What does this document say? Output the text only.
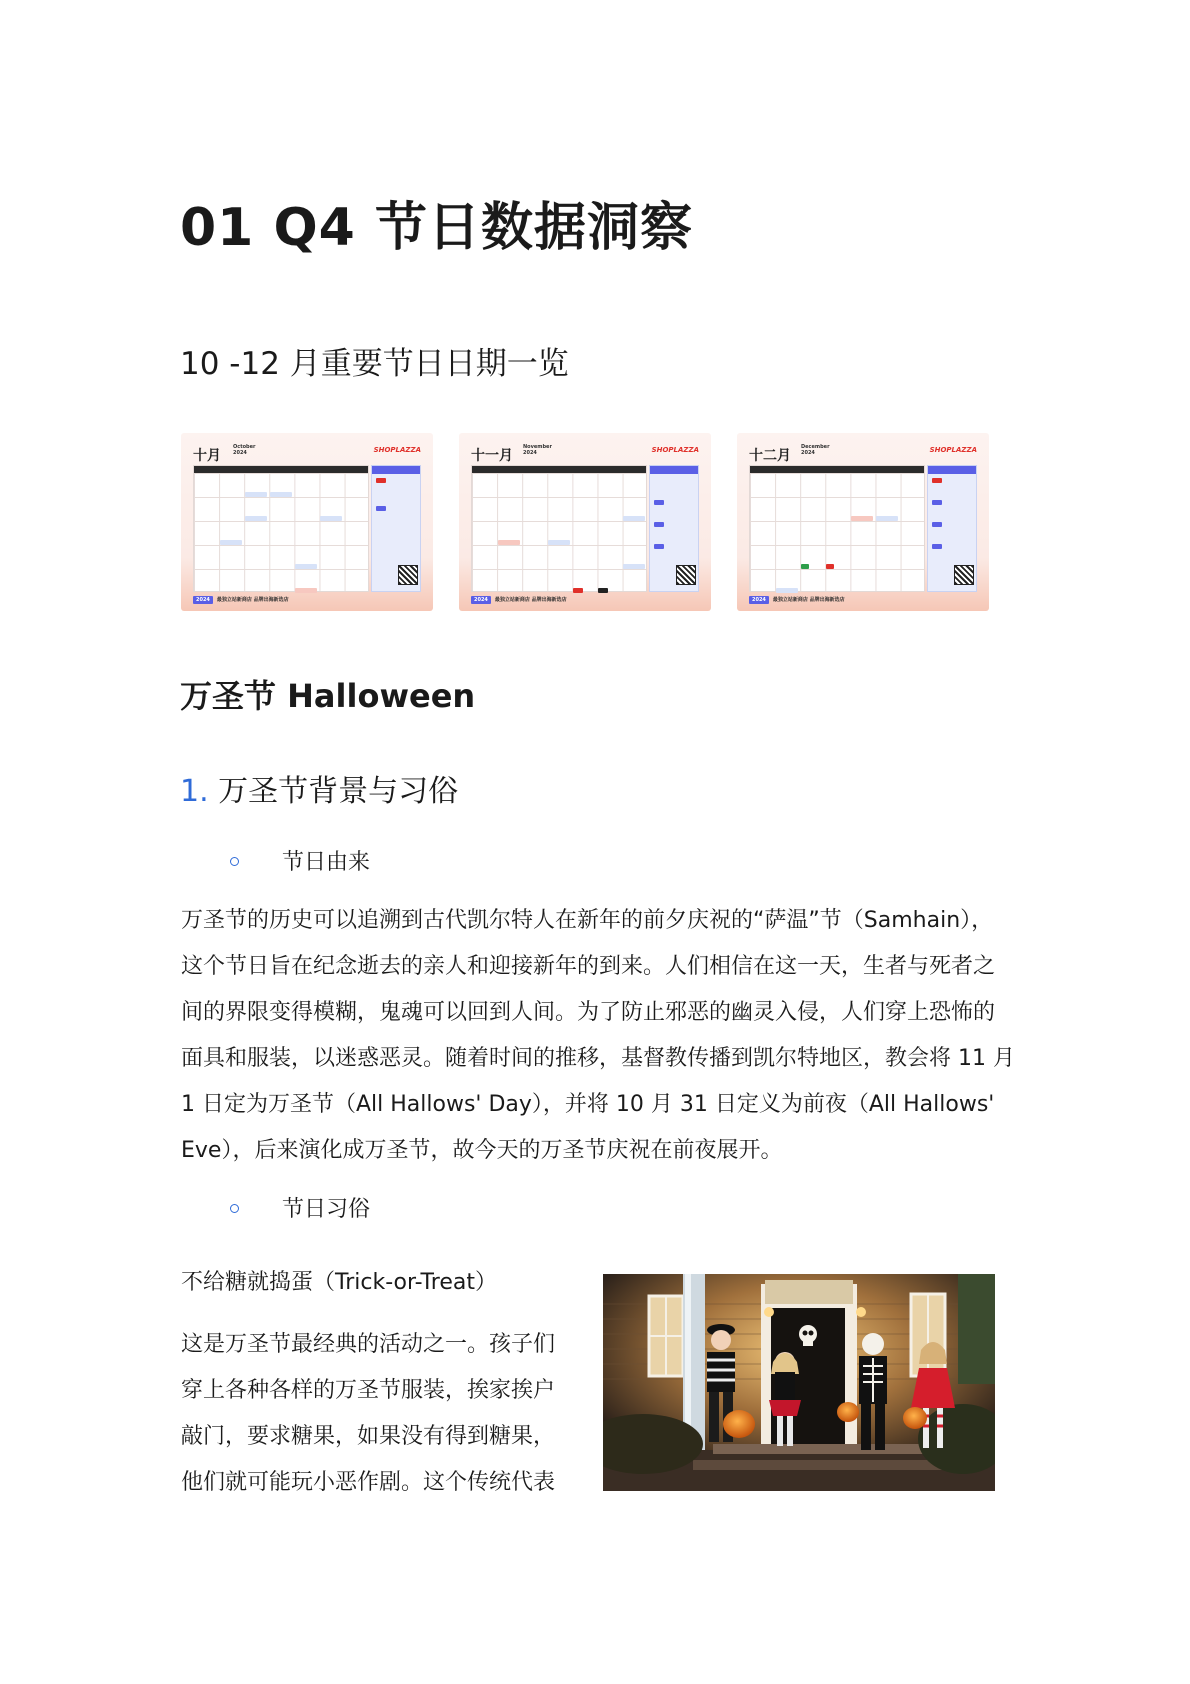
01 Q4 节日数据洞察
10 -12 月重要节日日期一览
十月
October
2024	SHOPLAZZA
2024 最独立站新商店 品牌出海新选店
十一月
November
2024	SHOPLAZZA
2024 最独立站新商店 品牌出海新选店
十二月
December
2024	SHOPLAZZA
2024 最独立站新商店 品牌出海新选店
万圣节 Halloween
1. 万圣节背景与习俗
节日由来
万圣节的历史可以追溯到古代凯尔特人在新年的前夕庆祝的“萨温”节（Samhain），
这个节日旨在纪念逝去的亲人和迎接新年的到来。人们相信在这一天，生者与死者之
间的界限变得模糊，鬼魂可以回到人间。为了防止邪恶的幽灵入侵，人们穿上恐怖的
面具和服装，以迷惑恶灵。随着时间的推移，基督教传播到凯尔特地区，教会将 11 月
1 日定为万圣节（All Hallows' Day），并将 10 月 31 日定义为前夜（All Hallows'
Eve），后来演化成万圣节，故今天的万圣节庆祝在前夜展开。
节日习俗
不给糖就捣蛋（Trick-or-Treat）
这是万圣节最经典的活动之一。孩子们
穿上各种各样的万圣节服装，挨家挨户
敲门，要求糖果，如果没有得到糖果，
他们就可能玩小恶作剧。这个传统代表
